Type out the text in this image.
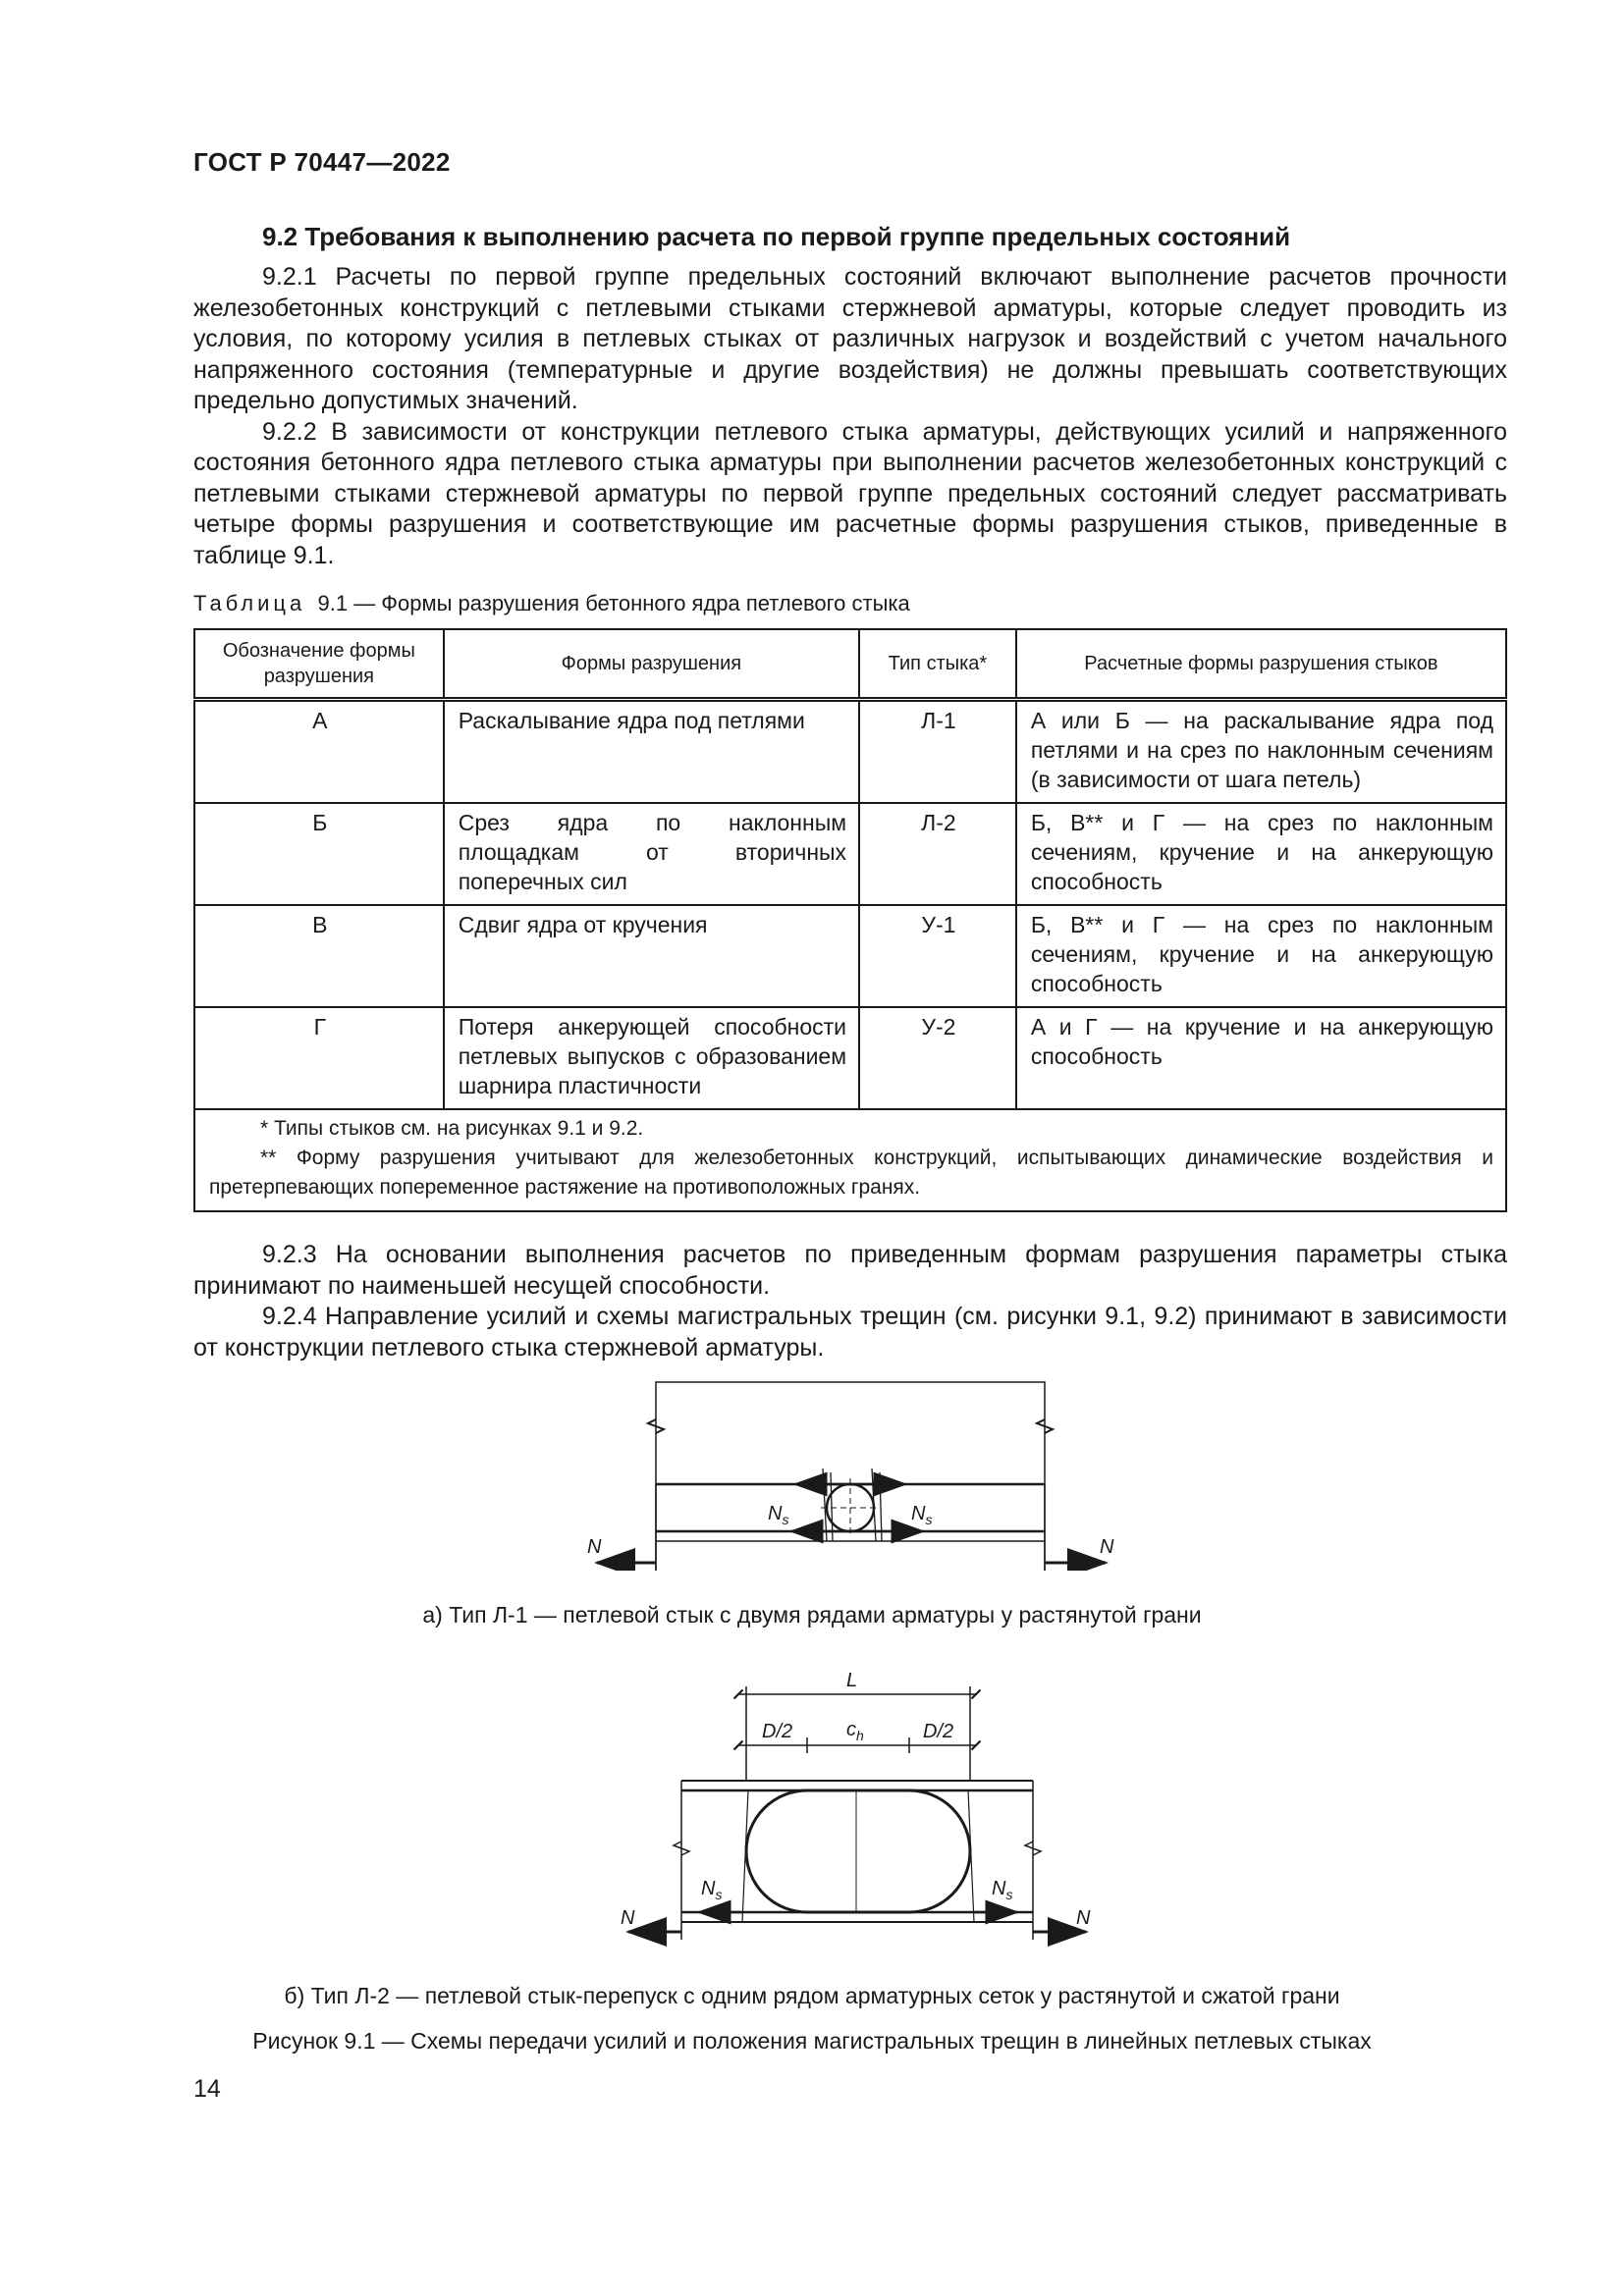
ГОСТ Р 70447—2022
9.2 Требования к выполнению расчета по первой группе предельных состояний

9.2.1 Расчеты по первой группе предельных состояний включают выполнение расчетов прочности железобетонных конструкций с петлевыми стыками стержневой арматуры, которые следует проводить из условия, по которому усилия в петлевых стыках от различных нагрузок и воздействий с учетом начального напряженного состояния (температурные и другие воздействия) не должны превышать соответствующих предельно допустимых значений.

9.2.2 В зависимости от конструкции петлевого стыка арматуры, действующих усилий и напряженного состояния бетонного ядра петлевого стыка арматуры при выполнении расчетов железобетонных конструкций с петлевыми стыками стержневой арматуры по первой группе предельных состояний следует рассматривать четыре формы разрушения и соответствующие им расчетные формы разрушения стыков, приведенные в таблице 9.1.

Таблица 9.1 — Формы разрушения бетонного ядра петлевого стыка
Обозначение формы разрушения	Формы разрушения	Тип стыка*	Расчетные формы разрушения стыков
А	Раскалывание ядра под петлями	Л-1	А или Б — на раскалывание ядра под петлями и на срез по наклонным сечениям (в зависимости от шага петель)
Б	Срез ядра по наклонным площадкам от вторичных поперечных сил	Л-2	Б, В** и Г — на срез по наклонным сечениям, кручение и на анкерующую способность
В	Сдвиг ядра от кручения	У-1	Б, В** и Г — на срез по наклонным сечениям, кручение и на анкерующую способность
Г	Потеря анкерующей способности петлевых выпусков с образованием шарнира пластичности	У-2	А и Г — на кручение и на анкерующую способность

* Типы стыков см. на рисунках 9.1 и 9.2.
** Форму разрушения учитывают для железобетонных конструкций, испытывающих динамические воздействия и претерпевающих попеременное растяжение на противоположных гранях.			

9.2.3 На основании выполнения расчетов по приведенным формам разрушения параметры стыка принимают по наименьшей несущей способности.

9.2.4 Направление усилий и схемы магистральных трещин (см. рисунки 9.1, 9.2) принимают в зависимости от конструкции петлевого стыка стержневой арматуры.

$N_s$	$N_s$
N	N
а) Тип Л-1 — петлевой стык с двумя рядами арматуры у растянутой грани
L
D/2	$c_h$	D/2
$N_s$	$N_s$
N	N
б) Тип Л-2 — петлевой стык-перепуск с одним рядом арматурных сеток у растянутой и сжатой грани
Рисунок 9.1 — Схемы передачи усилий и положения магистральных трещин в линейных петлевых стыках
14
